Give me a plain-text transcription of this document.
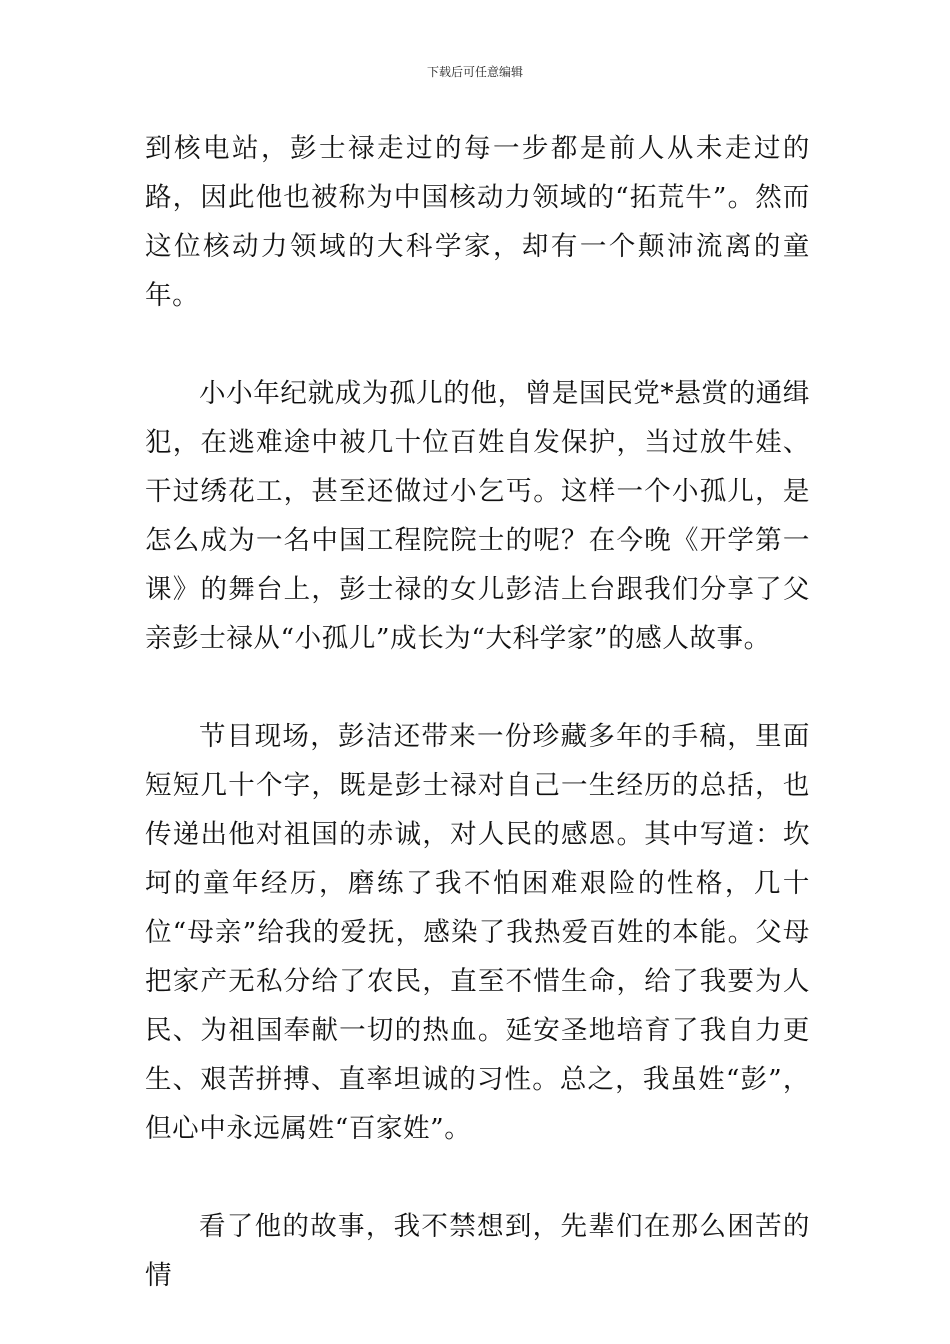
下载后可任意编辑

到核电站，彭士禄走过的每一步都是前人从未走过的路，因此他也被称为中国核动力领域的“拓荒牛”。然而这位核动力领域的大科学家，却有一个颠沛流离的童年。

小小年纪就成为孤儿的他，曾是国民党*悬赏的通缉犯，在逃难途中被几十位百姓自发保护，当过放牛娃、干过绣花工，甚至还做过小乞丐。这样一个小孤儿，是怎么成为一名中国工程院院士的呢？在今晚《开学第一课》的舞台上，彭士禄的女儿彭洁上台跟我们分享了父亲彭士禄从“小孤儿”成长为“大科学家”的感人故事。

节目现场，彭洁还带来一份珍藏多年的手稿，里面短短几十个字，既是彭士禄对自己一生经历的总括，也传递出他对祖国的赤诚，对人民的感恩。其中写道：坎坷的童年经历，磨练了我不怕困难艰险的性格，几十位“母亲”给我的爱抚，感染了我热爱百姓的本能。父母把家产无私分给了农民，直至不惜生命，给了我要为人民、为祖国奉献一切的热血。延安圣地培育了我自力更生、艰苦拼搏、直率坦诚的习性。总之，我虽姓“彭”，但心中永远属姓“百家姓”。

看了他的故事，我不禁想到，先辈们在那么困苦的情
